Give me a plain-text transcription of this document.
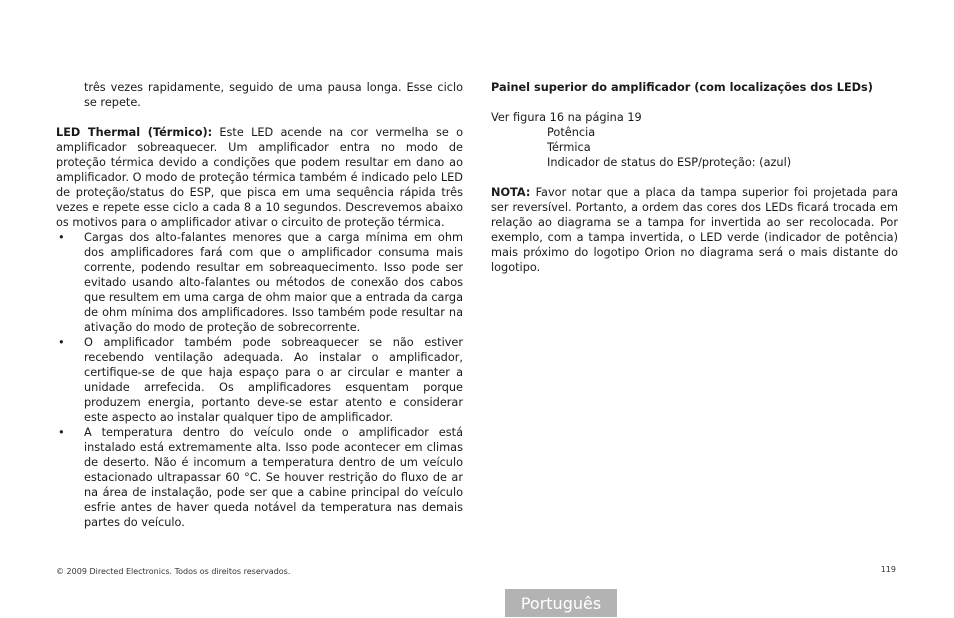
três vezes rapidamente, seguido de uma pausa longa. Esse ciclo se repete.

LED Thermal (Térmico): Este LED acende na cor vermelha se o amplificador sobreaquecer. Um amplificador entra no modo de proteção térmica devido a condições que podem resultar em dano ao amplificador. O modo de proteção térmica também é indicado pelo LED de proteção/status do ESP, que pisca em uma sequência rápida três vezes e repete esse ciclo a cada 8 a 10 segundos. Descrevemos abaixo os motivos para o amplificador ativar o circuito de proteção térmica.

• Cargas dos alto-falantes menores que a carga mínima em ohm dos amplificadores fará com que o amplificador consuma mais corrente, podendo resultar em sobreaquecimento. Isso pode ser evitado usando alto-falantes ou métodos de conexão dos cabos que resultem em uma carga de ohm maior que a entrada da carga de ohm mínima dos amplificadores. Isso também pode resultar na ativação do modo de proteção de sobrecorrente.
• O amplificador também pode sobreaquecer se não estiver recebendo ventilação adequada. Ao instalar o amplificador, certifique-se de que haja espaço para o ar circular e manter a unidade arrefecida. Os amplificadores esquentam porque produzem energia, portanto deve-se estar atento e considerar este aspecto ao instalar qualquer tipo de amplificador.
• A temperatura dentro do veículo onde o amplificador está instalado está extremamente alta. Isso pode acontecer em climas de deserto. Não é incomum a temperatura dentro de um veículo estacionado ultrapassar 60 °C. Se houver restrição do fluxo de ar na área de instalação, pode ser que a cabine principal do veículo esfrie antes de haver queda notável da temperatura nas demais partes do veículo.

Painel superior do amplificador (com localizações dos LEDs)

Ver figura 16 na página 19

Potência
Térmica
Indicador de status do ESP/proteção: (azul)

NOTA: Favor notar que a placa da tampa superior foi projetada para ser reversível. Portanto, a ordem das cores dos LEDs ficará trocada em relação ao diagrama se a tampa for invertida ao ser recolocada. Por exemplo, com a tampa invertida, o LED verde (indicador de potência) mais próximo do logotipo Orion no diagrama será o mais distante do logotipo.

© 2009 Directed Electronics. Todos os direitos reservados.	119
Português
